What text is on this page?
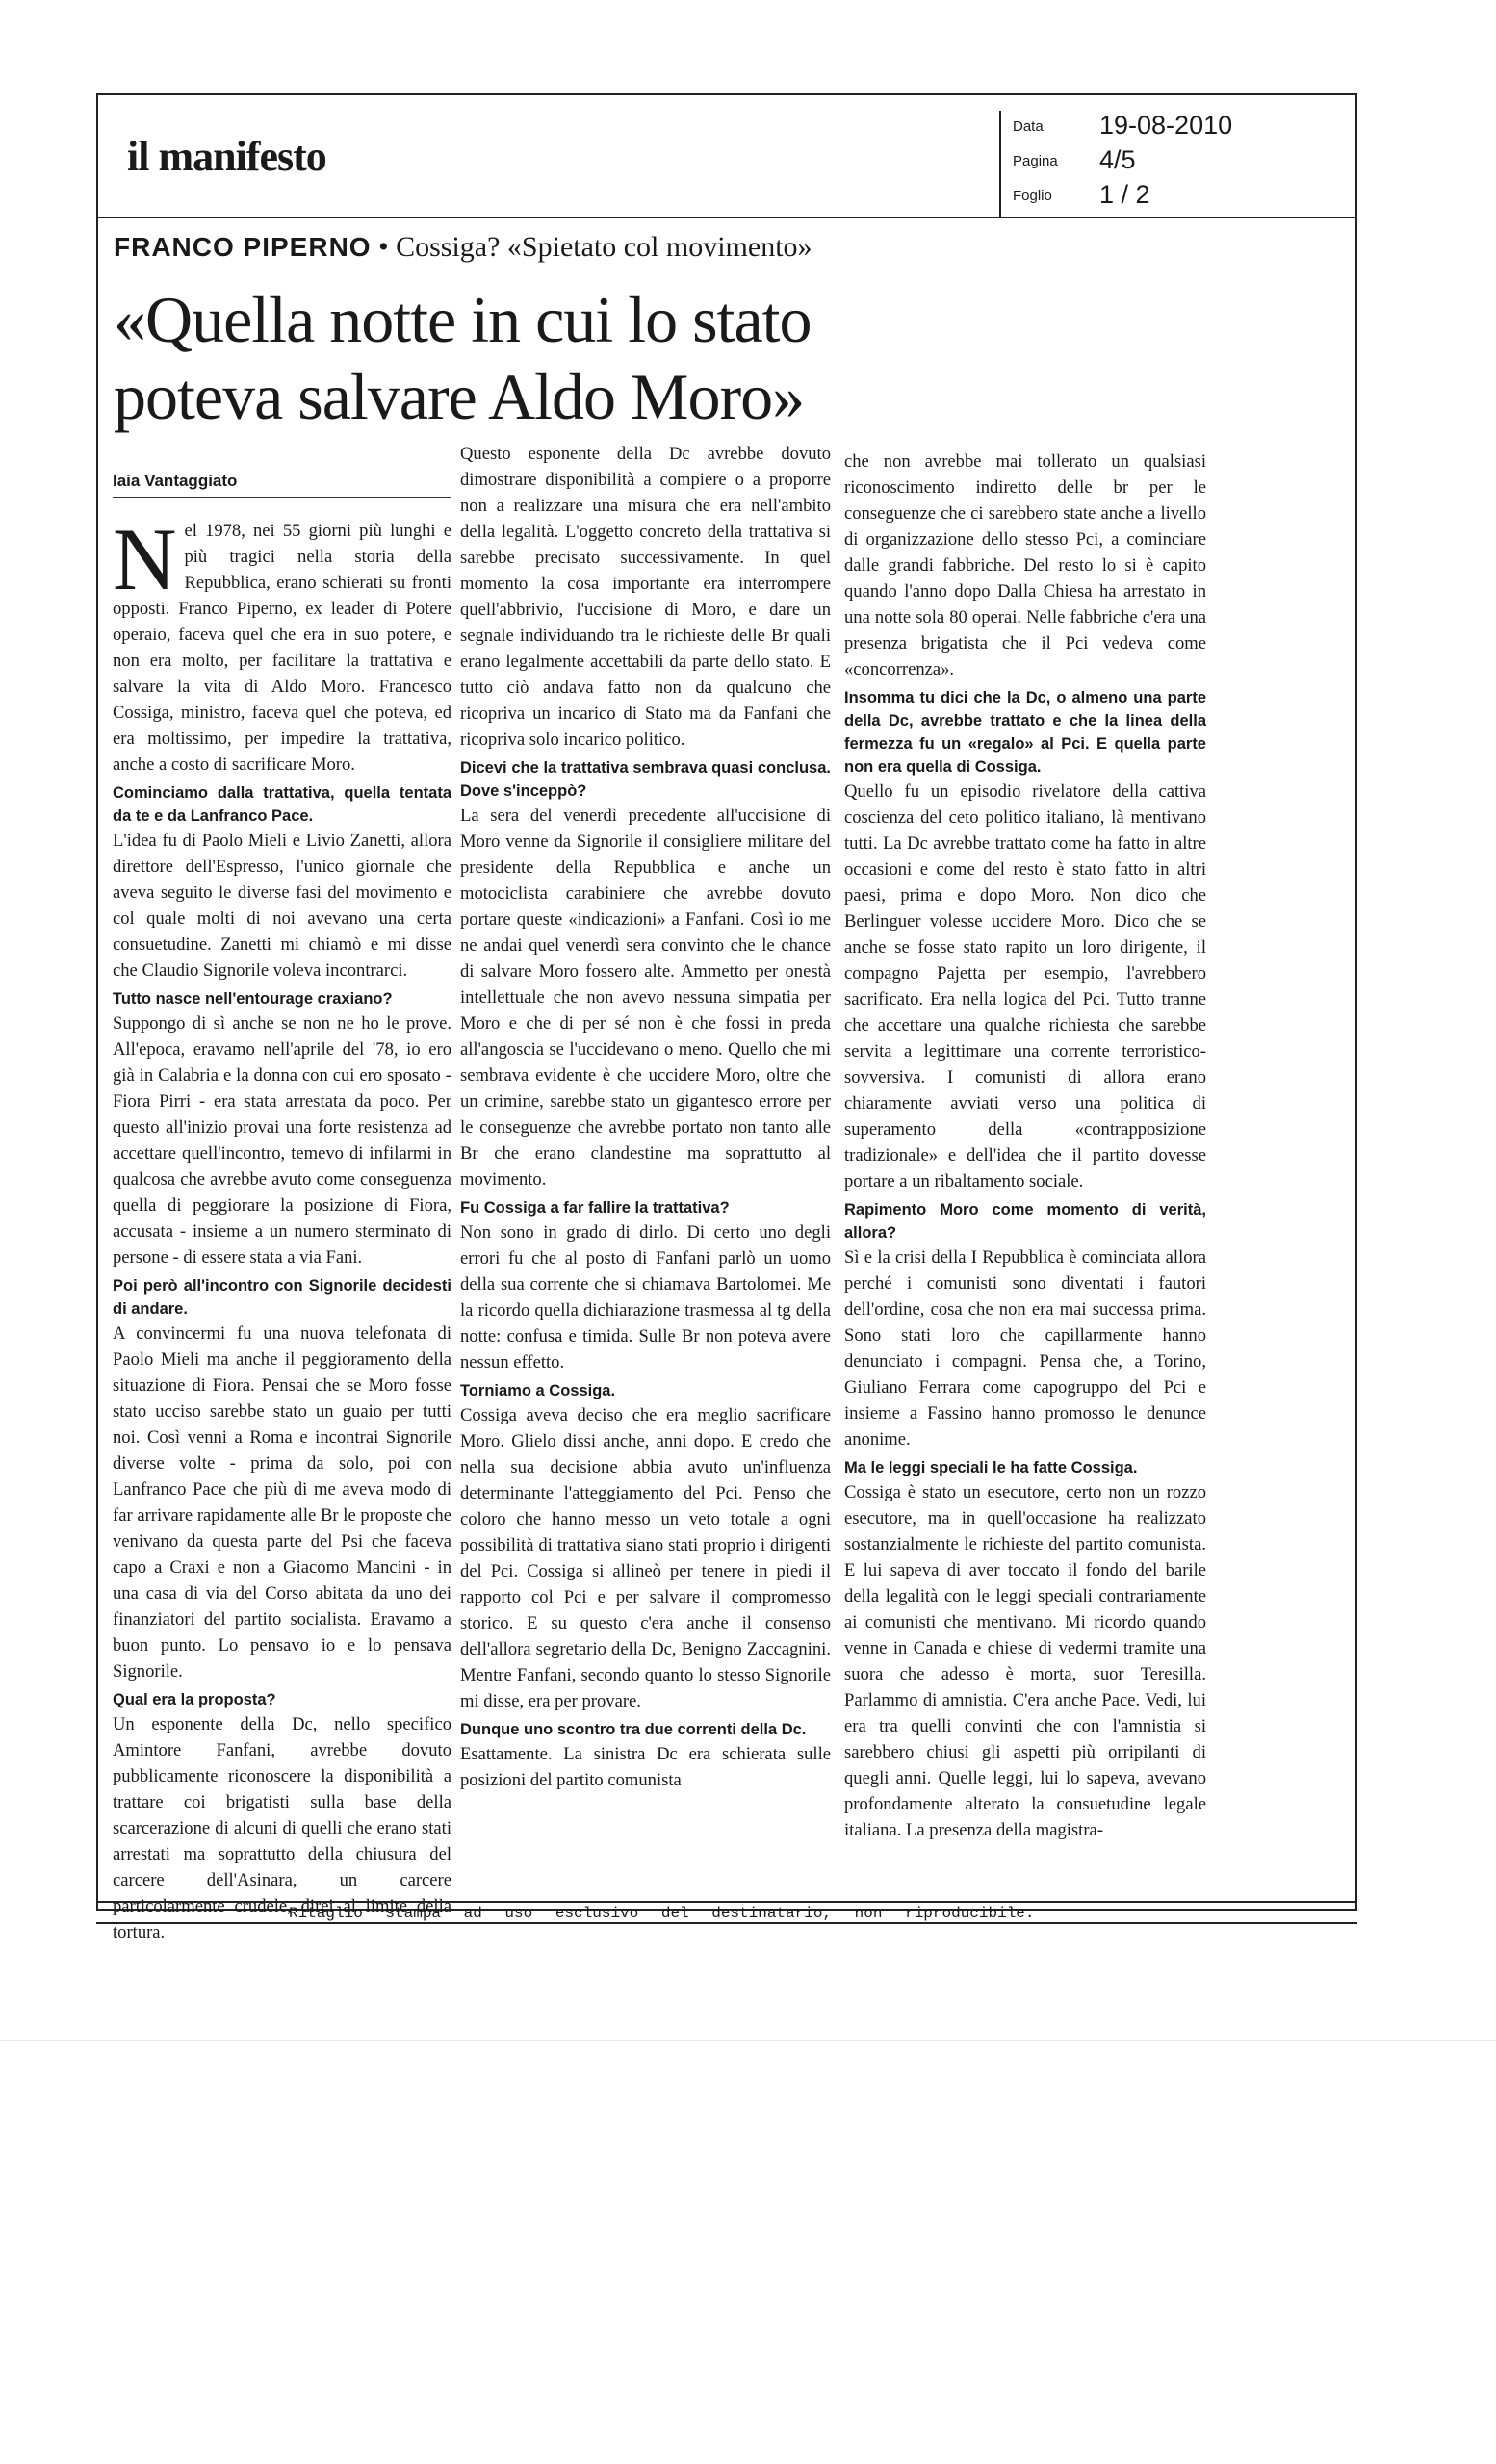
il manifesto
Data 19-08-2010
Pagina 4/5
Foglio 1 / 2
FRANCO PIPERNO • Cossiga? «Spietato col movimento»
«Quella notte in cui lo stato poteva salvare Aldo Moro»
Iaia Vantaggiato

Nel 1978, nei 55 giorni più lunghi e più tragici nella storia della Repubblica, erano schierati su fronti opposti. Franco Piperno, ex leader di Potere operaio, faceva quel che era in suo potere, e non era molto, per facilitare la trattativa e salvare la vita di Aldo Moro. Francesco Cossiga, ministro, faceva quel che poteva, ed era moltissimo, per impedire la trattativa, anche a costo di sacrificare Moro.

Cominciamo dalla trattativa, quella tentata da te e da Lanfranco Pace.

L'idea fu di Paolo Mieli e Livio Zanetti, allora direttore dell'Espresso, l'unico giornale che aveva seguito le diverse fasi del movimento e col quale molti di noi avevano una certa consuetudine. Zanetti mi chiamò e mi disse che Claudio Signorile voleva incontrarci.

Tutto nasce nell'entourage craxiano?

Suppongo di sì anche se non ne ho le prove. All'epoca, eravamo nell'aprile del '78, io ero già in Calabria e la donna con cui ero sposato - Fiora Pirri - era stata arrestata da poco. Per questo all'inizio provai una forte resistenza ad accettare quell'incontro, temevo di infilarmi in qualcosa che avrebbe avuto come conseguenza quella di peggiorare la posizione di Fiora, accusata - insieme a un numero sterminato di persone - di essere stata a via Fani.

Poi però all'incontro con Signorile decidesti di andare.

A convincermi fu una nuova telefonata di Paolo Mieli ma anche il peggioramento della situazione di Fiora. Pensai che se Moro fosse stato ucciso sarebbe stato un guaio per tutti noi. Così venni a Roma e incontrai Signorile diverse volte - prima da solo, poi con Lanfranco Pace che più di me aveva modo di far arrivare rapidamente alle Br le proposte che venivano da questa parte del Psi che faceva capo a Craxi e non a Giacomo Mancini - in una casa di via del Corso abitata da uno dei finanziatori del partito socialista. Eravamo a buon punto. Lo pensavo io e lo pensava Signorile.

Qual era la proposta?

Un esponente della Dc, nello specifico Amintore Fanfani, avrebbe dovuto pubblicamente riconoscere la disponibilità a trattare coi brigatisti sulla base della scarcerazione di alcuni di quelli che erano stati arrestati ma soprattutto della chiusura del carcere dell'Asinara, un carcere particolarmente crudele, direi al limite della tortura.

Questo esponente della Dc avrebbe dovuto dimostrare disponibilità a compiere o a proporre non a realizzare una misura che era nell'ambito della legalità. L'oggetto concreto della trattativa si sarebbe precisato successivamente. In quel momento la cosa importante era interrompere quell'abbrivio, l'uccisione di Moro, e dare un segnale individuando tra le richieste delle Br quali erano legalmente accettabili da parte dello stato. E tutto ciò andava fatto non da qualcuno che ricopriva un incarico di Stato ma da Fanfani che ricopriva solo incarico politico.

Dicevi che la trattativa sembrava quasi conclusa. Dove s'inceppò?

La sera del venerdì precedente all'uccisione di Moro venne da Signorile il consigliere militare del presidente della Repubblica e anche un motociclista carabiniere che avrebbe dovuto portare queste «indicazioni» a Fanfani. Così io me ne andai quel venerdì sera convinto che le chance di salvare Moro fossero alte. Ammetto per onestà intellettuale che non avevo nessuna simpatia per Moro e che di per sé non è che fossi in preda all'angoscia se l'uccidevano o meno. Quello che mi sembrava evidente è che uccidere Moro, oltre che un crimine, sarebbe stato un gigantesco errore per le conseguenze che avrebbe portato non tanto alle Br che erano clandestine ma soprattutto al movimento.

Fu Cossiga a far fallire la trattativa?

Non sono in grado di dirlo. Di certo uno degli errori fu che al posto di Fanfani parlò un uomo della sua corrente che si chiamava Bartolomei. Me la ricordo quella dichiarazione trasmessa al tg della notte: confusa e timida. Sulle Br non poteva avere nessun effetto.

Torniamo a Cossiga.

Cossiga aveva deciso che era meglio sacrificare Moro. Glielo dissi anche, anni dopo. E credo che nella sua decisione abbia avuto un'influenza determinante l'atteggiamento del Pci. Penso che coloro che hanno messo un veto totale a ogni possibilità di trattativa siano stati proprio i dirigenti del Pci. Cossiga si allineò per tenere in piedi il rapporto col Pci e per salvare il compromesso storico. E su questo c'era anche il consenso dell'allora segretario della Dc, Benigno Zaccagnini. Mentre Fanfani, secondo quanto lo stesso Signorile mi disse, era per provare.

Dunque uno scontro tra due correnti della Dc.

Esattamente. La sinistra Dc era schierata sulle posizioni del partito comunista

che non avrebbe mai tollerato un qualsiasi riconoscimento indiretto delle br per le conseguenze che ci sarebbero state anche a livello di organizzazione dello stesso Pci, a cominciare dalle grandi fabbriche. Del resto lo si è capito quando l'anno dopo Dalla Chiesa ha arrestato in una notte sola 80 operai. Nelle fabbriche c'era una presenza brigatista che il Pci vedeva come «concorrenza».

Insomma tu dici che la Dc, o almeno una parte della Dc, avrebbe trattato e che la linea della fermezza fu un «regalo» al Pci. E quella parte non era quella di Cossiga.

Quello fu un episodio rivelatore della cattiva coscienza del ceto politico italiano, là mentivano tutti. La Dc avrebbe trattato come ha fatto in altre occasioni e come del resto è stato fatto in altri paesi, prima e dopo Moro. Non dico che Berlinguer volesse uccidere Moro. Dico che se anche se fosse stato rapito un loro dirigente, il compagno Pajetta per esempio, l'avrebbero sacrificato. Era nella logica del Pci. Tutto tranne che accettare una qualche richiesta che sarebbe servita a legittimare una corrente terroristico-sovversiva. I comunisti di allora erano chiaramente avviati verso una politica di superamento della «contrapposizione tradizionale» e dell'idea che il partito dovesse portare a un ribaltamento sociale.

Rapimento Moro come momento di verità, allora?

Sì e la crisi della I Repubblica è cominciata allora perché i comunisti sono diventati i fautori dell'ordine, cosa che non era mai successa prima. Sono stati loro che capillarmente hanno denunciato i compagni. Pensa che, a Torino, Giuliano Ferrara come capogruppo del Pci e insieme a Fassino hanno promosso le denunce anonime.

Ma le leggi speciali le ha fatte Cossiga.

Cossiga è stato un esecutore, certo non un rozzo esecutore, ma in quell'occasione ha realizzato sostanzialmente le richieste del partito comunista. E lui sapeva di aver toccato il fondo del barile della legalità con le leggi speciali contrariamente ai comunisti che mentivano. Mi ricordo quando venne in Canada e chiese di vedermi tramite una suora che adesso è morta, suor Teresilla. Parlammo di amnistia. C'era anche Pace. Vedi, lui era tra quelli convinti che con l'amnistia si sarebbero chiusi gli aspetti più orripilanti di quegli anni. Quelle leggi, lui lo sapeva, avevano profondamente alterato la consuetudine legale italiana. La presenza della magistra-

Ritaglio stampa ad uso esclusivo del destinatario, non riproducibile.
